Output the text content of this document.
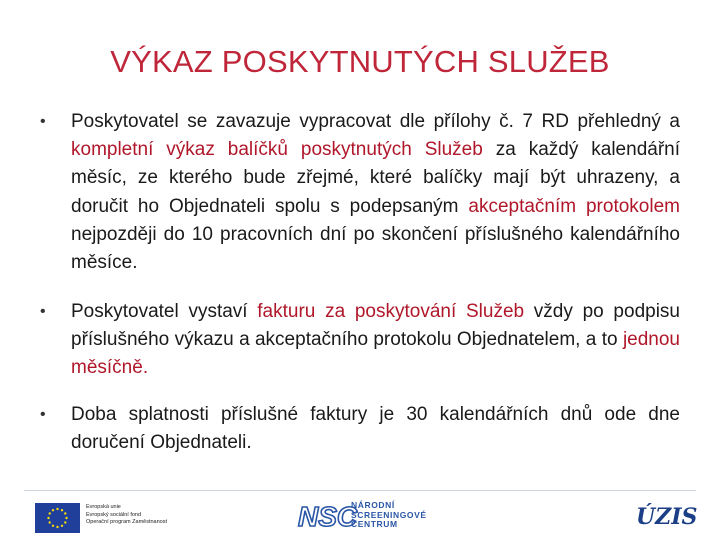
VÝKAZ POSKYTNUTÝCH SLUŽEB
•	Poskytovatel se zavazuje vypracovat dle přílohy č. 7 RD přehledný a kompletní výkaz balíčků poskytnutých Služeb za každý kalendářní měsíc, ze kterého bude zřejmé, které balíčky mají být uhrazeny, a doručit ho Objednateli spolu s podepsaným akceptačním protokolem nejpozději do 10 pracovních dní po skončení příslušného kalendářního měsíce.
•	Poskytovatel vystaví fakturu za poskytování Služeb vždy po podpisu příslušného výkazu a akceptačního protokolu Objednatelem, a to jednou měsíčně.
•	Doba splatnosti příslušné faktury je 30 kalendářních dnů ode dne doručení Objednateli.
Evropská unie
Evropský sociální fond
Operační program Zaměstnanost	NSC
NÁRODNÍ
SCREENINGOVÉ
CENTRUM	ÚZIS
